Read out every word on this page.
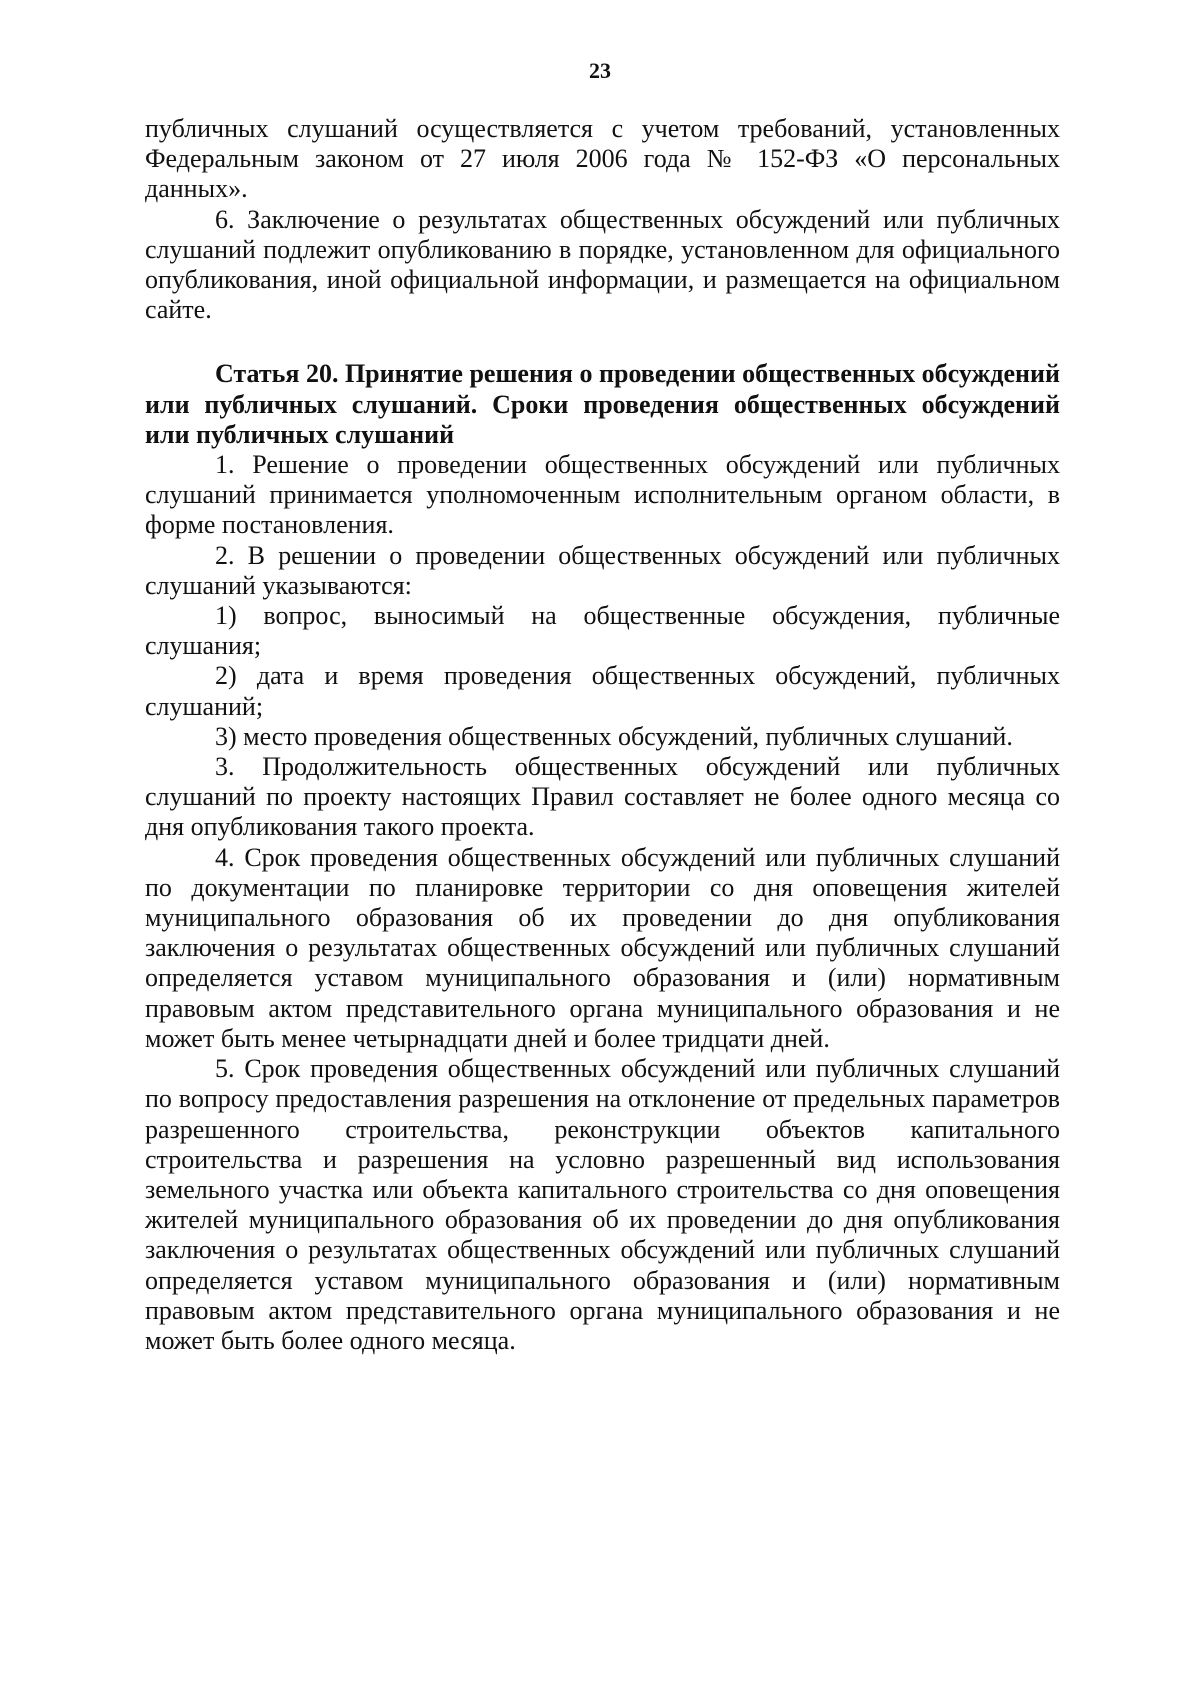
23

публичных слушаний осуществляется с учетом требований, установленных Федеральным законом от 27 июля 2006 года № 152-ФЗ «О персональных данных».

6. Заключение о результатах общественных обсуждений или публичных слушаний подлежит опубликованию в порядке, установленном для официального опубликования, иной официальной информации, и размещается на официальном сайте.

Статья 20. Принятие решения о проведении общественных обсуждений или публичных слушаний. Сроки проведения общественных обсуждений или публичных слушаний

1. Решение о проведении общественных обсуждений или публичных слушаний принимается уполномоченным исполнительным органом области, в форме постановления.

2. В решении о проведении общественных обсуждений или публичных слушаний указываются:

1) вопрос, выносимый на общественные обсуждения, публичные слушания;

2) дата и время проведения общественных обсуждений, публичных слушаний;

3) место проведения общественных обсуждений, публичных слушаний.

3. Продолжительность общественных обсуждений или публичных слушаний по проекту настоящих Правил составляет не более одного месяца со дня опубликования такого проекта.

4. Срок проведения общественных обсуждений или публичных слушаний по документации по планировке территории со дня оповещения жителей муниципального образования об их проведении до дня опубликования заключения о результатах общественных обсуждений или публичных слушаний определяется уставом муниципального образования и (или) нормативным правовым актом представительного органа муниципального образования и не может быть менее четырнадцати дней и более тридцати дней.

5. Срок проведения общественных обсуждений или публичных слушаний по вопросу предоставления разрешения на отклонение от предельных параметров разрешенного строительства, реконструкции объектов капитального строительства и разрешения на условно разрешенный вид использования земельного участка или объекта капитального строительства со дня оповещения жителей муниципального образования об их проведении до дня опубликования заключения о результатах общественных обсуждений или публичных слушаний определяется уставом муниципального образования и (или) нормативным правовым актом представительного органа муниципального образования и не может быть более одного месяца.
